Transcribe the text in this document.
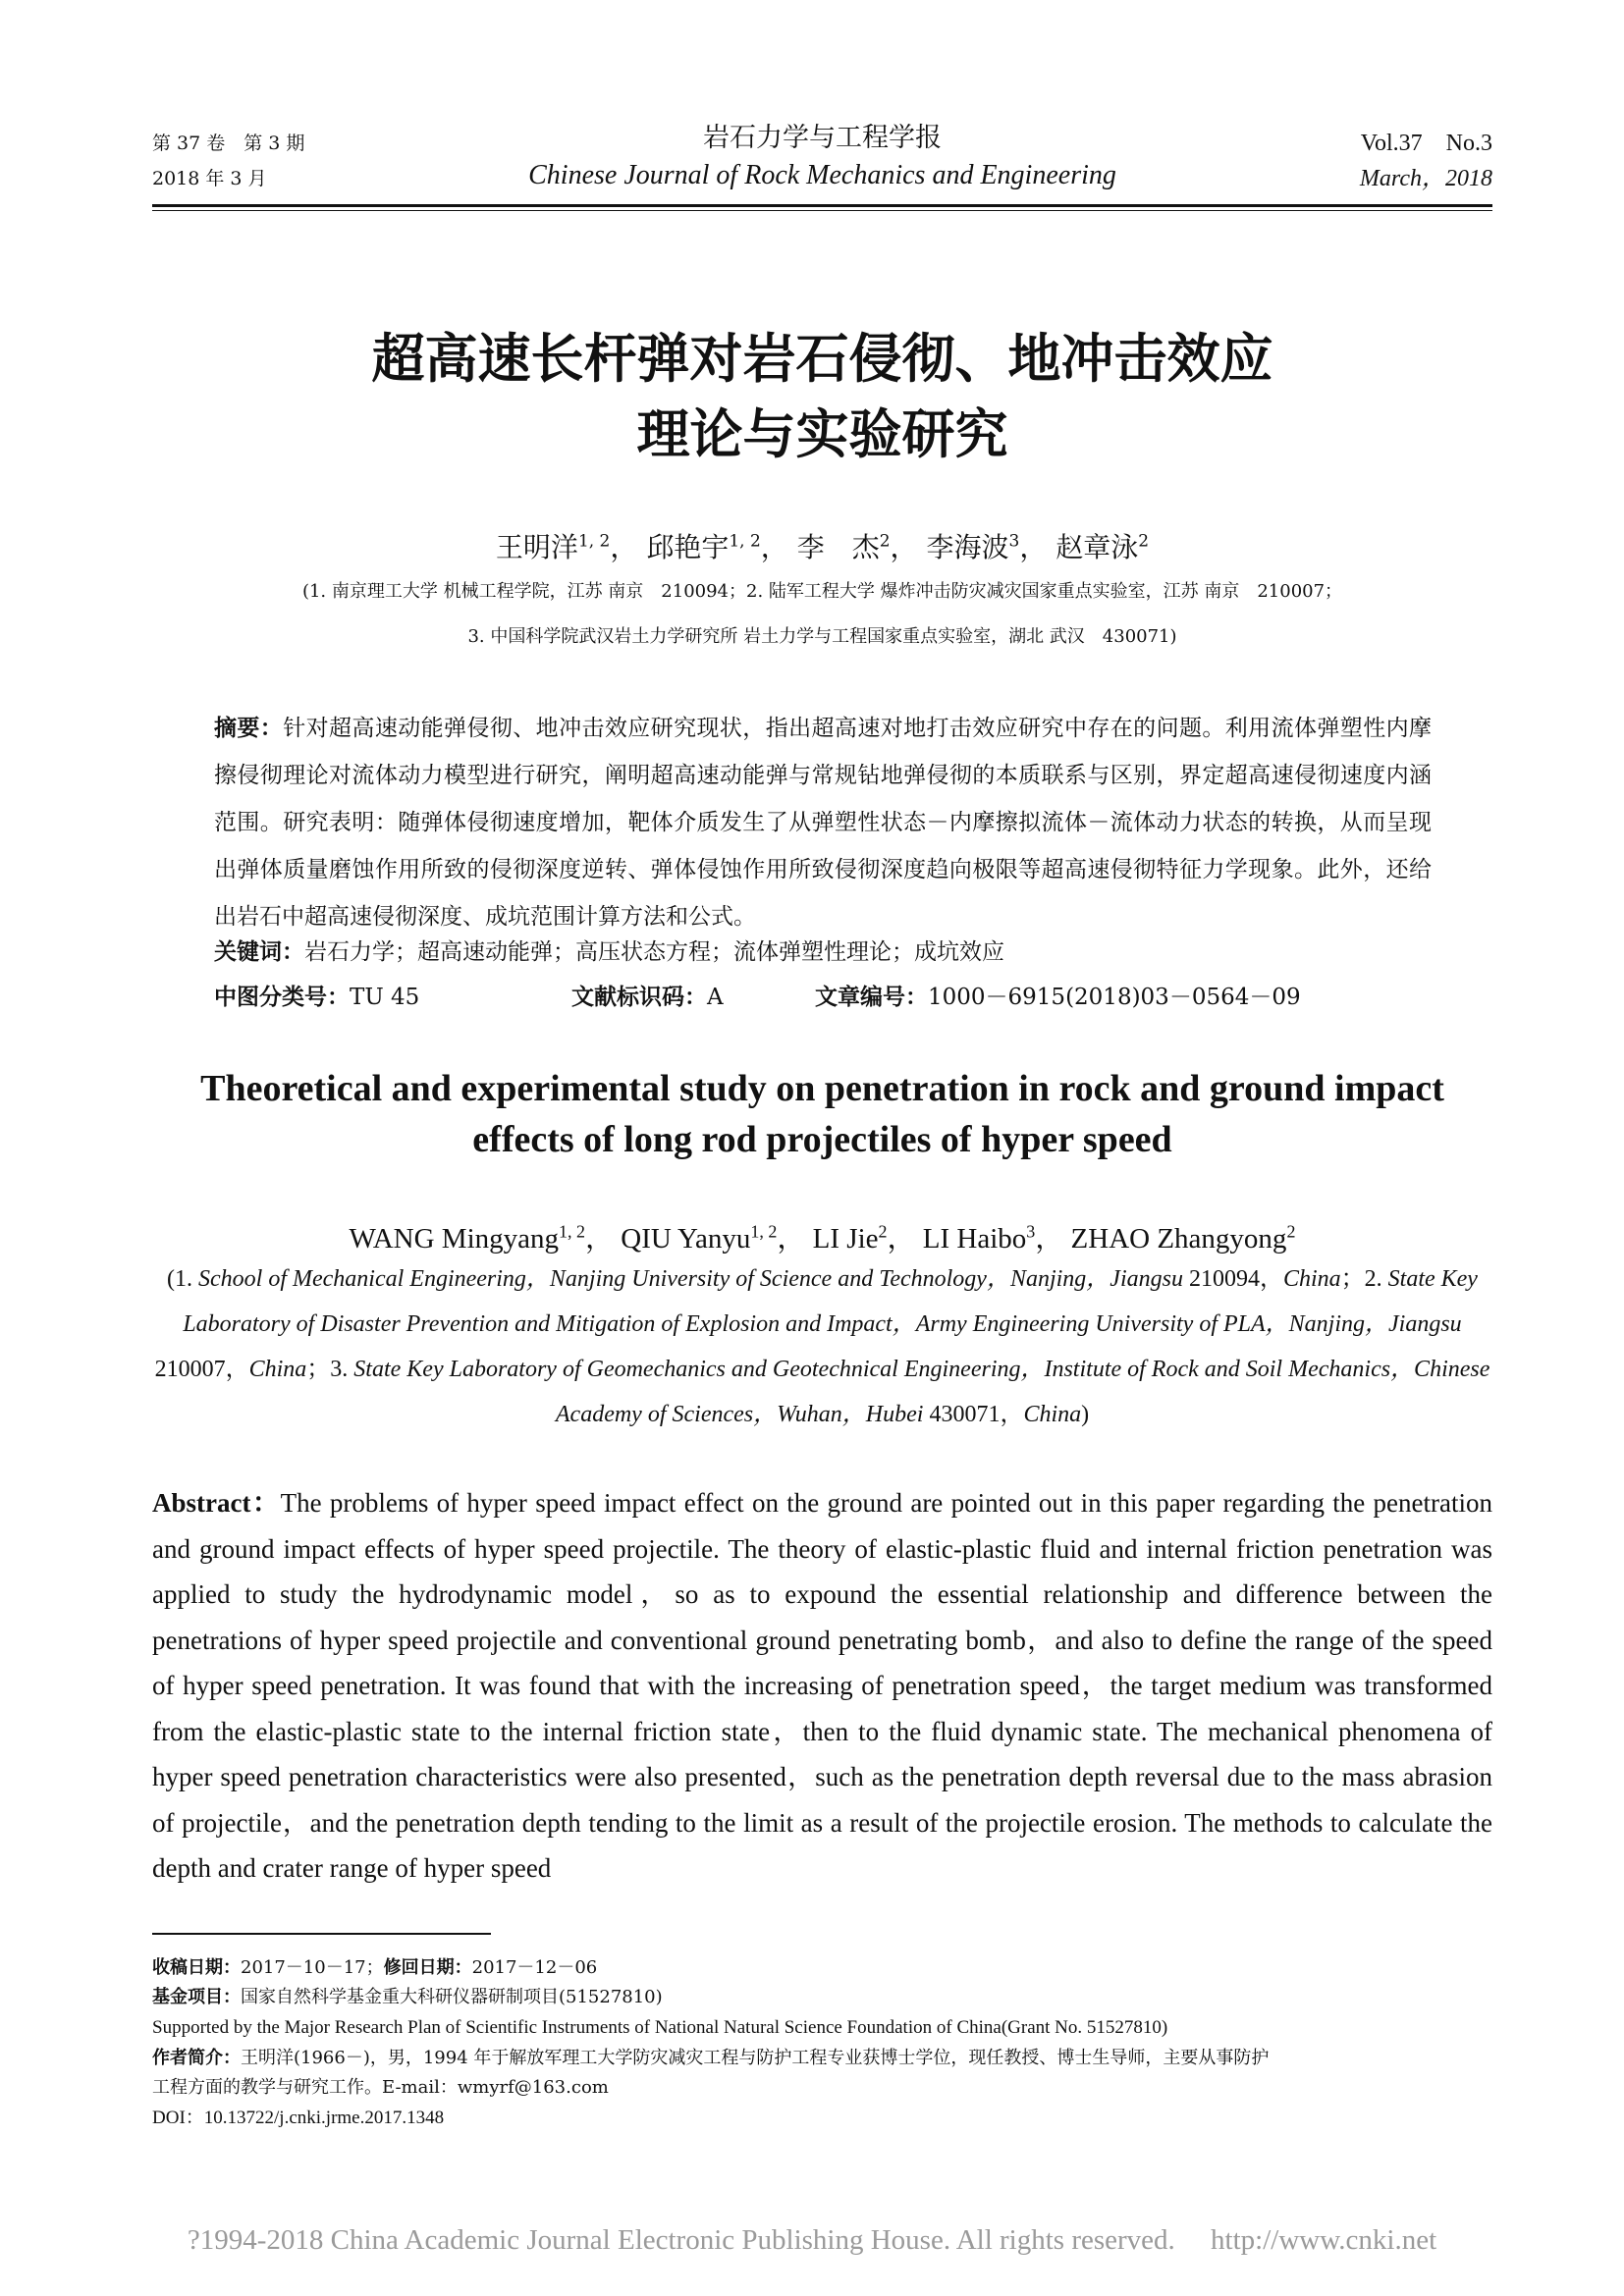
第 37 卷　第 3 期
2018 年 3 月
岩石力学与工程学报
Chinese Journal of Rock Mechanics and Engineering
Vol.37　No.3
March，2018
超高速长杆弹对岩石侵彻、地冲击效应
理论与实验研究
王明洋$^{1, 2}$， 邱艳宇$^{1, 2}$， 李　杰$^2$， 李海波$^3$， 赵章泳$^2$
(1. 南京理工大学 机械工程学院，江苏 南京　210094；2. 陆军工程大学 爆炸冲击防灾减灾国家重点实验室，江苏 南京　210007；
3. 中国科学院武汉岩土力学研究所 岩土力学与工程国家重点实验室，湖北 武汉　430071)
摘要：针对超高速动能弹侵彻、地冲击效应研究现状，指出超高速对地打击效应研究中存在的问题。利用流体弹塑性内摩擦侵彻理论对流体动力模型进行研究，阐明超高速动能弹与常规钻地弹侵彻的本质联系与区别，界定超高速侵彻速度内涵范围。研究表明：随弹体侵彻速度增加，靶体介质发生了从弹塑性状态－内摩擦拟流体－流体动力状态的转换，从而呈现出弹体质量磨蚀作用所致的侵彻深度逆转、弹体侵蚀作用所致侵彻深度趋向极限等超高速侵彻特征力学现象。此外，还给出岩石中超高速侵彻深度、成坑范围计算方法和公式。
关键词：岩石力学；超高速动能弹；高压状态方程；流体弹塑性理论；成坑效应
中图分类号：TU 45	文献标识码：A	文章编号：1000－6915(2018)03－0564－09
Theoretical and experimental study on penetration in rock and ground impact
effects of long rod projectiles of hyper speed
WANG Mingyang$^{1, 2}$， QIU Yanyu$^{1, 2}$， LI Jie$^2$， LI Haibo$^3$， ZHAO Zhangyong$^2$
(1. School of Mechanical Engineering，Nanjing University of Science and Technology，Nanjing，Jiangsu 210094，China；2. State Key Laboratory of Disaster Prevention and Mitigation of Explosion and Impact，Army Engineering University of PLA，Nanjing，Jiangsu 210007，China；3. State Key Laboratory of Geomechanics and Geotechnical Engineering，Institute of Rock and Soil Mechanics，Chinese Academy of Sciences，Wuhan，Hubei 430071，China)
Abstract：The problems of hyper speed impact effect on the ground are pointed out in this paper regarding the penetration and ground impact effects of hyper speed projectile. The theory of elastic-plastic fluid and internal friction penetration was applied to study the hydrodynamic model，so as to expound the essential relationship and difference between the penetrations of hyper speed projectile and conventional ground penetrating bomb，and also to define the range of the speed of hyper speed penetration. It was found that with the increasing of penetration speed，the target medium was transformed from the elastic-plastic state to the internal friction state，then to the fluid dynamic state. The mechanical phenomena of hyper speed penetration characteristics were also presented，such as the penetration depth reversal due to the mass abrasion of projectile，and the penetration depth tending to the limit as a result of the projectile erosion. The methods to calculate the depth and crater range of hyper speed
收稿日期：2017－10－17；修回日期：2017－12－06
基金项目：国家自然科学基金重大科研仪器研制项目(51527810)
Supported by the Major Research Plan of Scientific Instruments of National Natural Science Foundation of China(Grant No. 51527810)
作者简介：王明洋(1966－)，男，1994 年于解放军理工大学防灾减灾工程与防护工程专业获博士学位，现任教授、博士生导师，主要从事防护
工程方面的教学与研究工作。E-mail：wmyrf@163.com
DOI：10.13722/j.cnki.jrme.2017.1348
?1994-2018 China Academic Journal Electronic Publishing House. All rights reserved.　 http://www.cnki.net
